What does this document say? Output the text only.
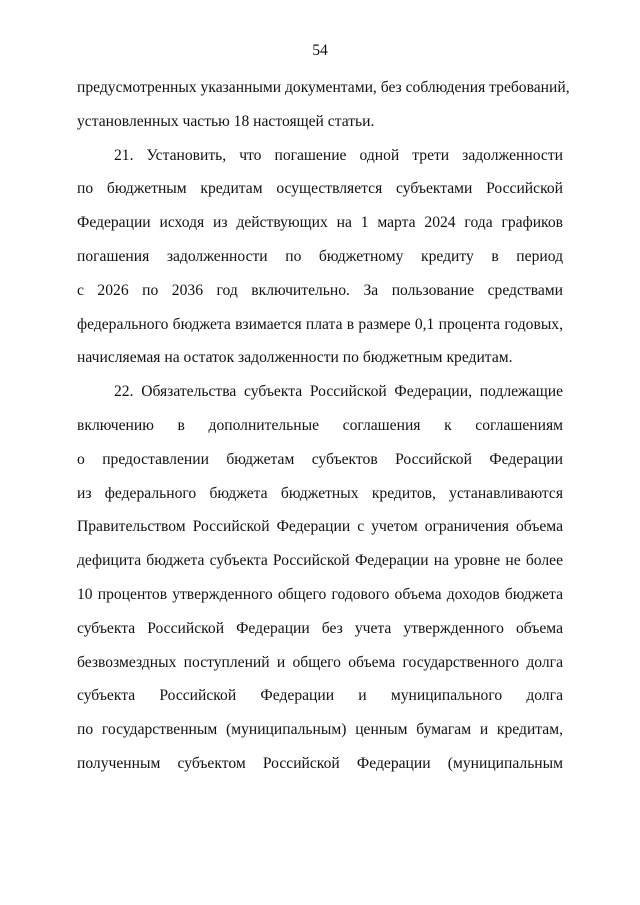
54
предусмотренных указанными документами, без соблюдения требований,
установленных частью 18 настоящей статьи.
21. Установить, что погашение одной трети задолженности
по бюджетным кредитам осуществляется субъектами Российской
Федерации исходя из действующих на 1 марта 2024 года графиков
погашения задолженности по бюджетному кредиту в период
с 2026 по 2036 год включительно. За пользование средствами
федерального бюджета взимается плата в размере 0,1 процента годовых,
начисляемая на остаток задолженности по бюджетным кредитам.
22. Обязательства субъекта Российской Федерации, подлежащие
включению в дополнительные соглашения к соглашениям
о предоставлении бюджетам субъектов Российской Федерации
из федерального бюджета бюджетных кредитов, устанавливаются
Правительством Российской Федерации с учетом ограничения объема
дефицита бюджета субъекта Российской Федерации на уровне не более
10 процентов утвержденного общего годового объема доходов бюджета
субъекта Российской Федерации без учета утвержденного объема
безвозмездных поступлений и общего объема государственного долга
субъекта Российской Федерации и муниципального долга
по государственным (муниципальным) ценным бумагам и кредитам,
полученным субъектом Российской Федерации (муниципальным
